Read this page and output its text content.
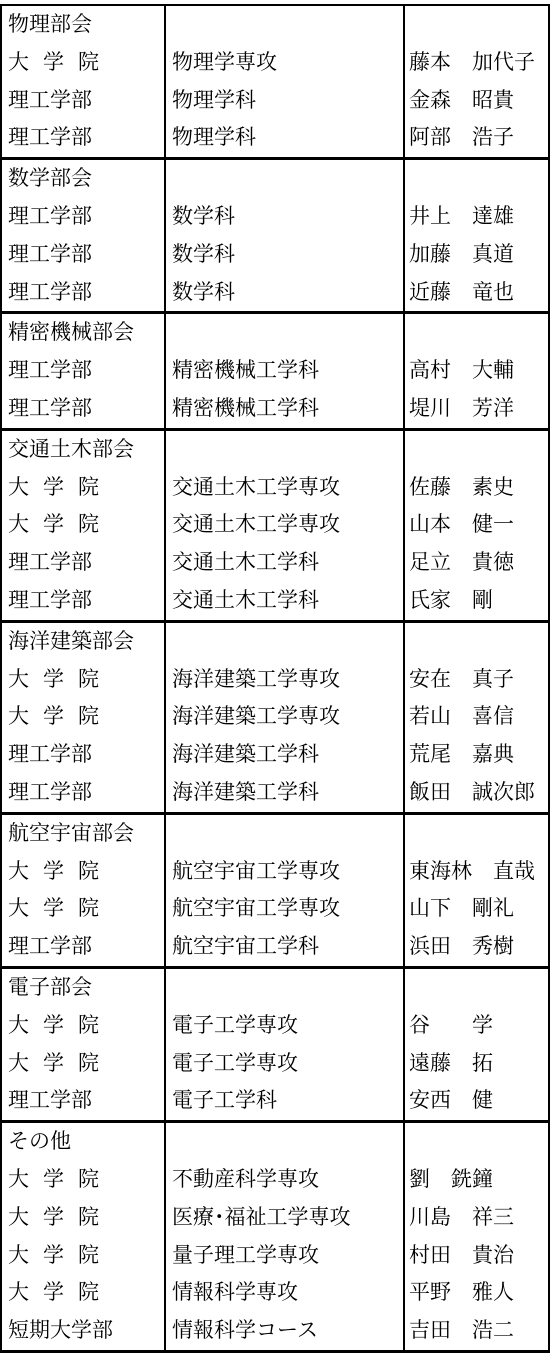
物理部会		
大学院	物理学専攻	藤本　加代子
理工学部	物理学科	金森　昭貴
理工学部	物理学科	阿部　浩子
数学部会		
理工学部	数学科	井上　達雄
理工学部	数学科	加藤　真道
理工学部	数学科	近藤　竜也
精密機械部会		
理工学部	精密機械工学科	高村　大輔
理工学部	精密機械工学科	堤川　芳洋
交通土木部会		
大学院	交通土木工学専攻	佐藤　素史
大学院	交通土木工学専攻	山本　健一
理工学部	交通土木工学科	足立　貴徳
理工学部	交通土木工学科	氏家　剛
海洋建築部会		
大学院	海洋建築工学専攻	安在　真子
大学院	海洋建築工学専攻	若山　喜信
理工学部	海洋建築工学科	荒尾　嘉典
理工学部	海洋建築工学科	飯田　誠次郎
航空宇宙部会		
大学院	航空宇宙工学専攻	東海林　直哉
大学院	航空宇宙工学専攻	山下　剛礼
理工学部	航空宇宙工学科	浜田　秀樹
電子部会		
大学院	電子工学専攻	谷　　学
大学院	電子工学専攻	遠藤　拓
理工学部	電子工学科	安西　健
その他		
大学院	不動産科学専攻	劉　銑鐘
大学院	医療･福祉工学専攻	川島　祥三
大学院	量子理工学専攻	村田　貴治
大学院	情報科学専攻	平野　雅人
短期大学部	情報科学コース	吉田　浩二
